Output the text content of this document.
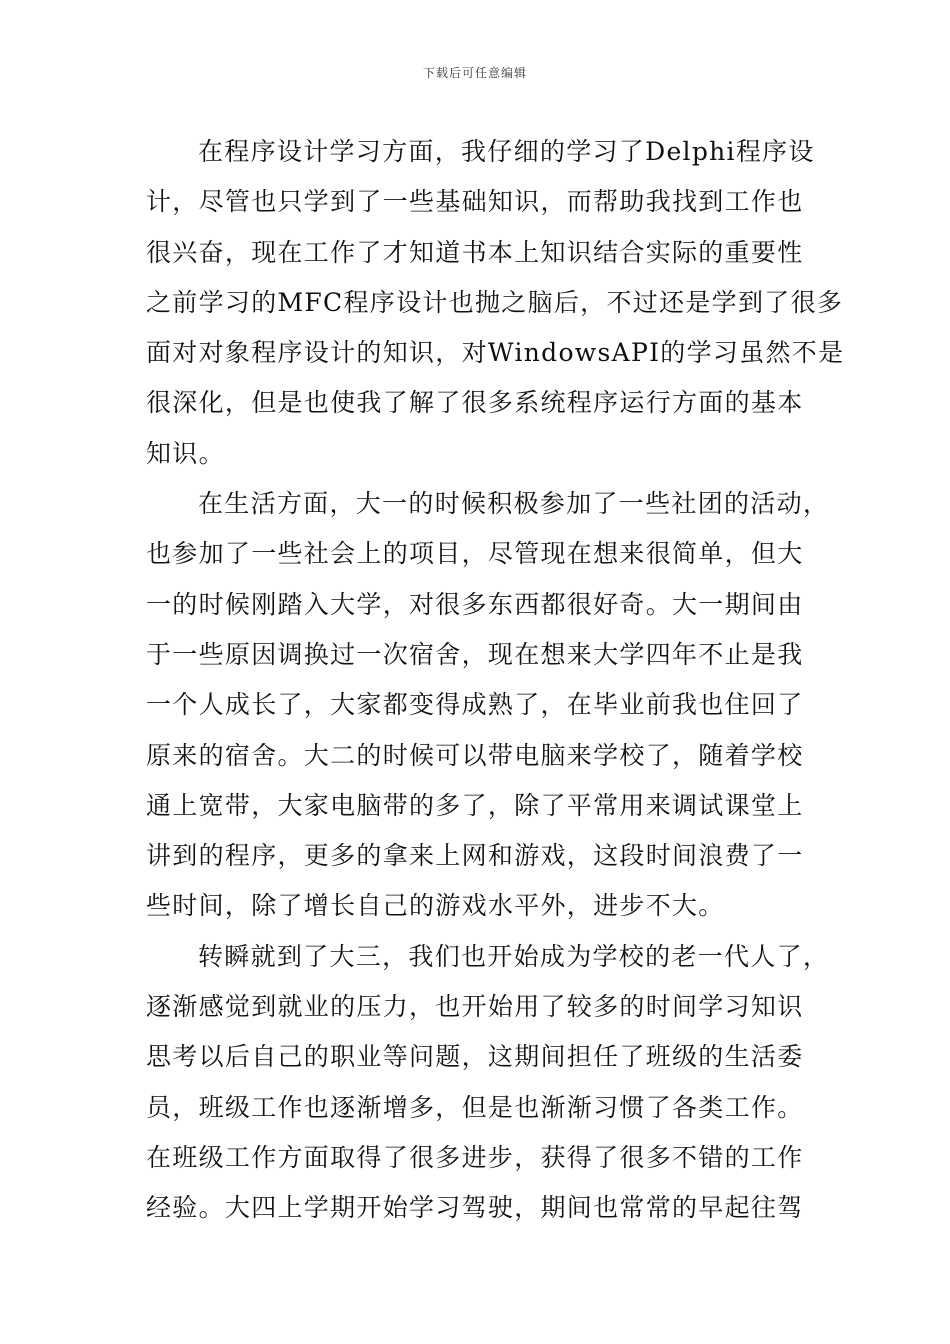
下载后可任意编辑

在程序设计学习方面，我仔细的学习了Delphi程序设
计，尽管也只学到了一些基础知识，而帮助我找到工作也
很兴奋，现在工作了才知道书本上知识结合实际的重要性
之前学习的MFC程序设计也抛之脑后，不过还是学到了很多
面对对象程序设计的知识，对WindowsAPI的学习虽然不是
很深化，但是也使我了解了很多系统程序运行方面的基本
知识。

在生活方面，大一的时候积极参加了一些社团的活动，
也参加了一些社会上的项目，尽管现在想来很简单，但大
一的时候刚踏入大学，对很多东西都很好奇。大一期间由
于一些原因调换过一次宿舍，现在想来大学四年不止是我
一个人成长了，大家都变得成熟了，在毕业前我也住回了
原来的宿舍。大二的时候可以带电脑来学校了，随着学校
通上宽带，大家电脑带的多了，除了平常用来调试课堂上
讲到的程序，更多的拿来上网和游戏，这段时间浪费了一
些时间，除了增长自己的游戏水平外，进步不大。

转瞬就到了大三，我们也开始成为学校的老一代人了，
逐渐感觉到就业的压力，也开始用了较多的时间学习知识
思考以后自己的职业等问题，这期间担任了班级的生活委
员，班级工作也逐渐增多，但是也渐渐习惯了各类工作。
在班级工作方面取得了很多进步，获得了很多不错的工作
经验。大四上学期开始学习驾驶，期间也常常的早起往驾
